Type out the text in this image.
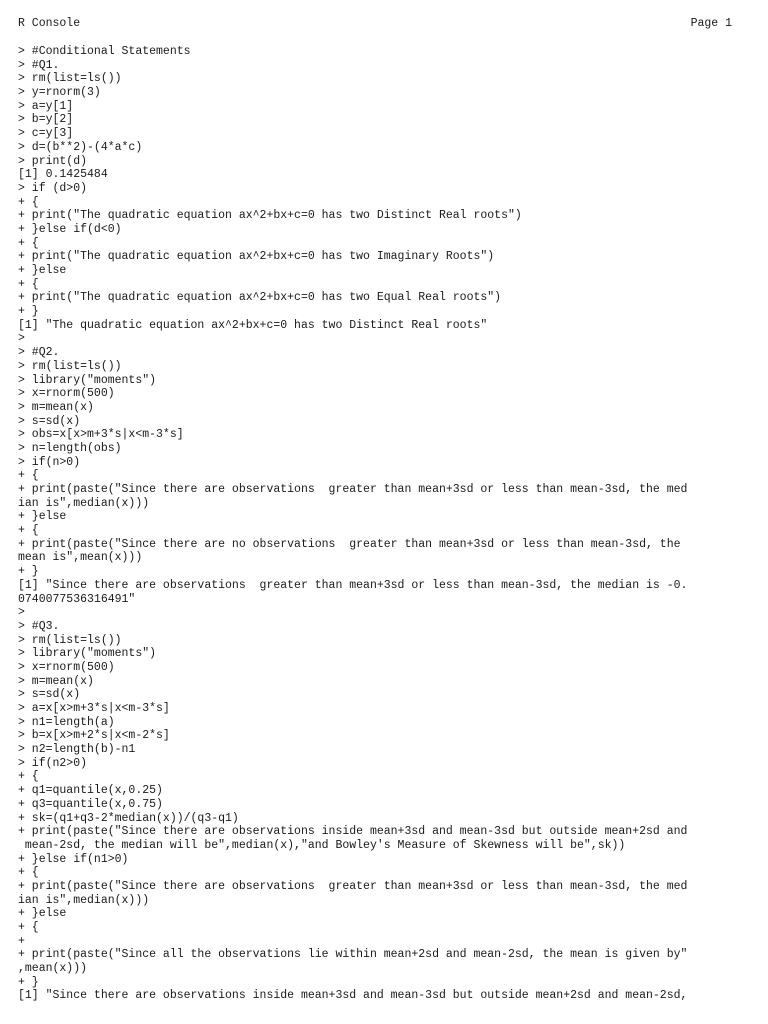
R Console	Page 1
> #Conditional Statements
> #Q1.
> rm(list=ls())
> y=rnorm(3)
> a=y[1]
> b=y[2]
> c=y[3]
> d=(b**2)-(4*a*c)
> print(d)
[1] 0.1425484
> if (d>0)
+ {
+ print("The quadratic equation ax^2+bx+c=0 has two Distinct Real roots")
+ }else if(d<0)
+ {
+ print("The quadratic equation ax^2+bx+c=0 has two Imaginary Roots")
+ }else
+ {
+ print("The quadratic equation ax^2+bx+c=0 has two Equal Real roots")
+ }
[1] "The quadratic equation ax^2+bx+c=0 has two Distinct Real roots"
>
> #Q2.
> rm(list=ls())
> library("moments")
> x=rnorm(500)
> m=mean(x)
> s=sd(x)
> obs=x[x>m+3*s|x<m-3*s]
> n=length(obs)
> if(n>0)
+ {
+ print(paste("Since there are observations  greater than mean+3sd or less than mean-3sd, the med
ian is",median(x)))
+ }else
+ {
+ print(paste("Since there are no observations  greater than mean+3sd or less than mean-3sd, the
mean is",mean(x)))
+ }
[1] "Since there are observations  greater than mean+3sd or less than mean-3sd, the median is -0.
0740077536316491"
>
> #Q3.
> rm(list=ls())
> library("moments")
> x=rnorm(500)
> m=mean(x)
> s=sd(x)
> a=x[x>m+3*s|x<m-3*s]
> n1=length(a)
> b=x[x>m+2*s|x<m-2*s]
> n2=length(b)-n1
> if(n2>0)
+ {
+ q1=quantile(x,0.25)
+ q3=quantile(x,0.75)
+ sk=(q1+q3-2*median(x))/(q3-q1)
+ print(paste("Since there are observations inside mean+3sd and mean-3sd but outside mean+2sd and
mean-2sd, the median will be",median(x),"and Bowley's Measure of Skewness will be",sk))
+ }else if(n1>0)
+ {
+ print(paste("Since there are observations  greater than mean+3sd or less than mean-3sd, the med
ian is",median(x)))
+ }else
+ {
+
+ print(paste("Since all the observations lie within mean+2sd and mean-2sd, the mean is given by"
,mean(x)))
+ }
[1] "Since there are observations inside mean+3sd and mean-3sd but outside mean+2sd and mean-2sd,
